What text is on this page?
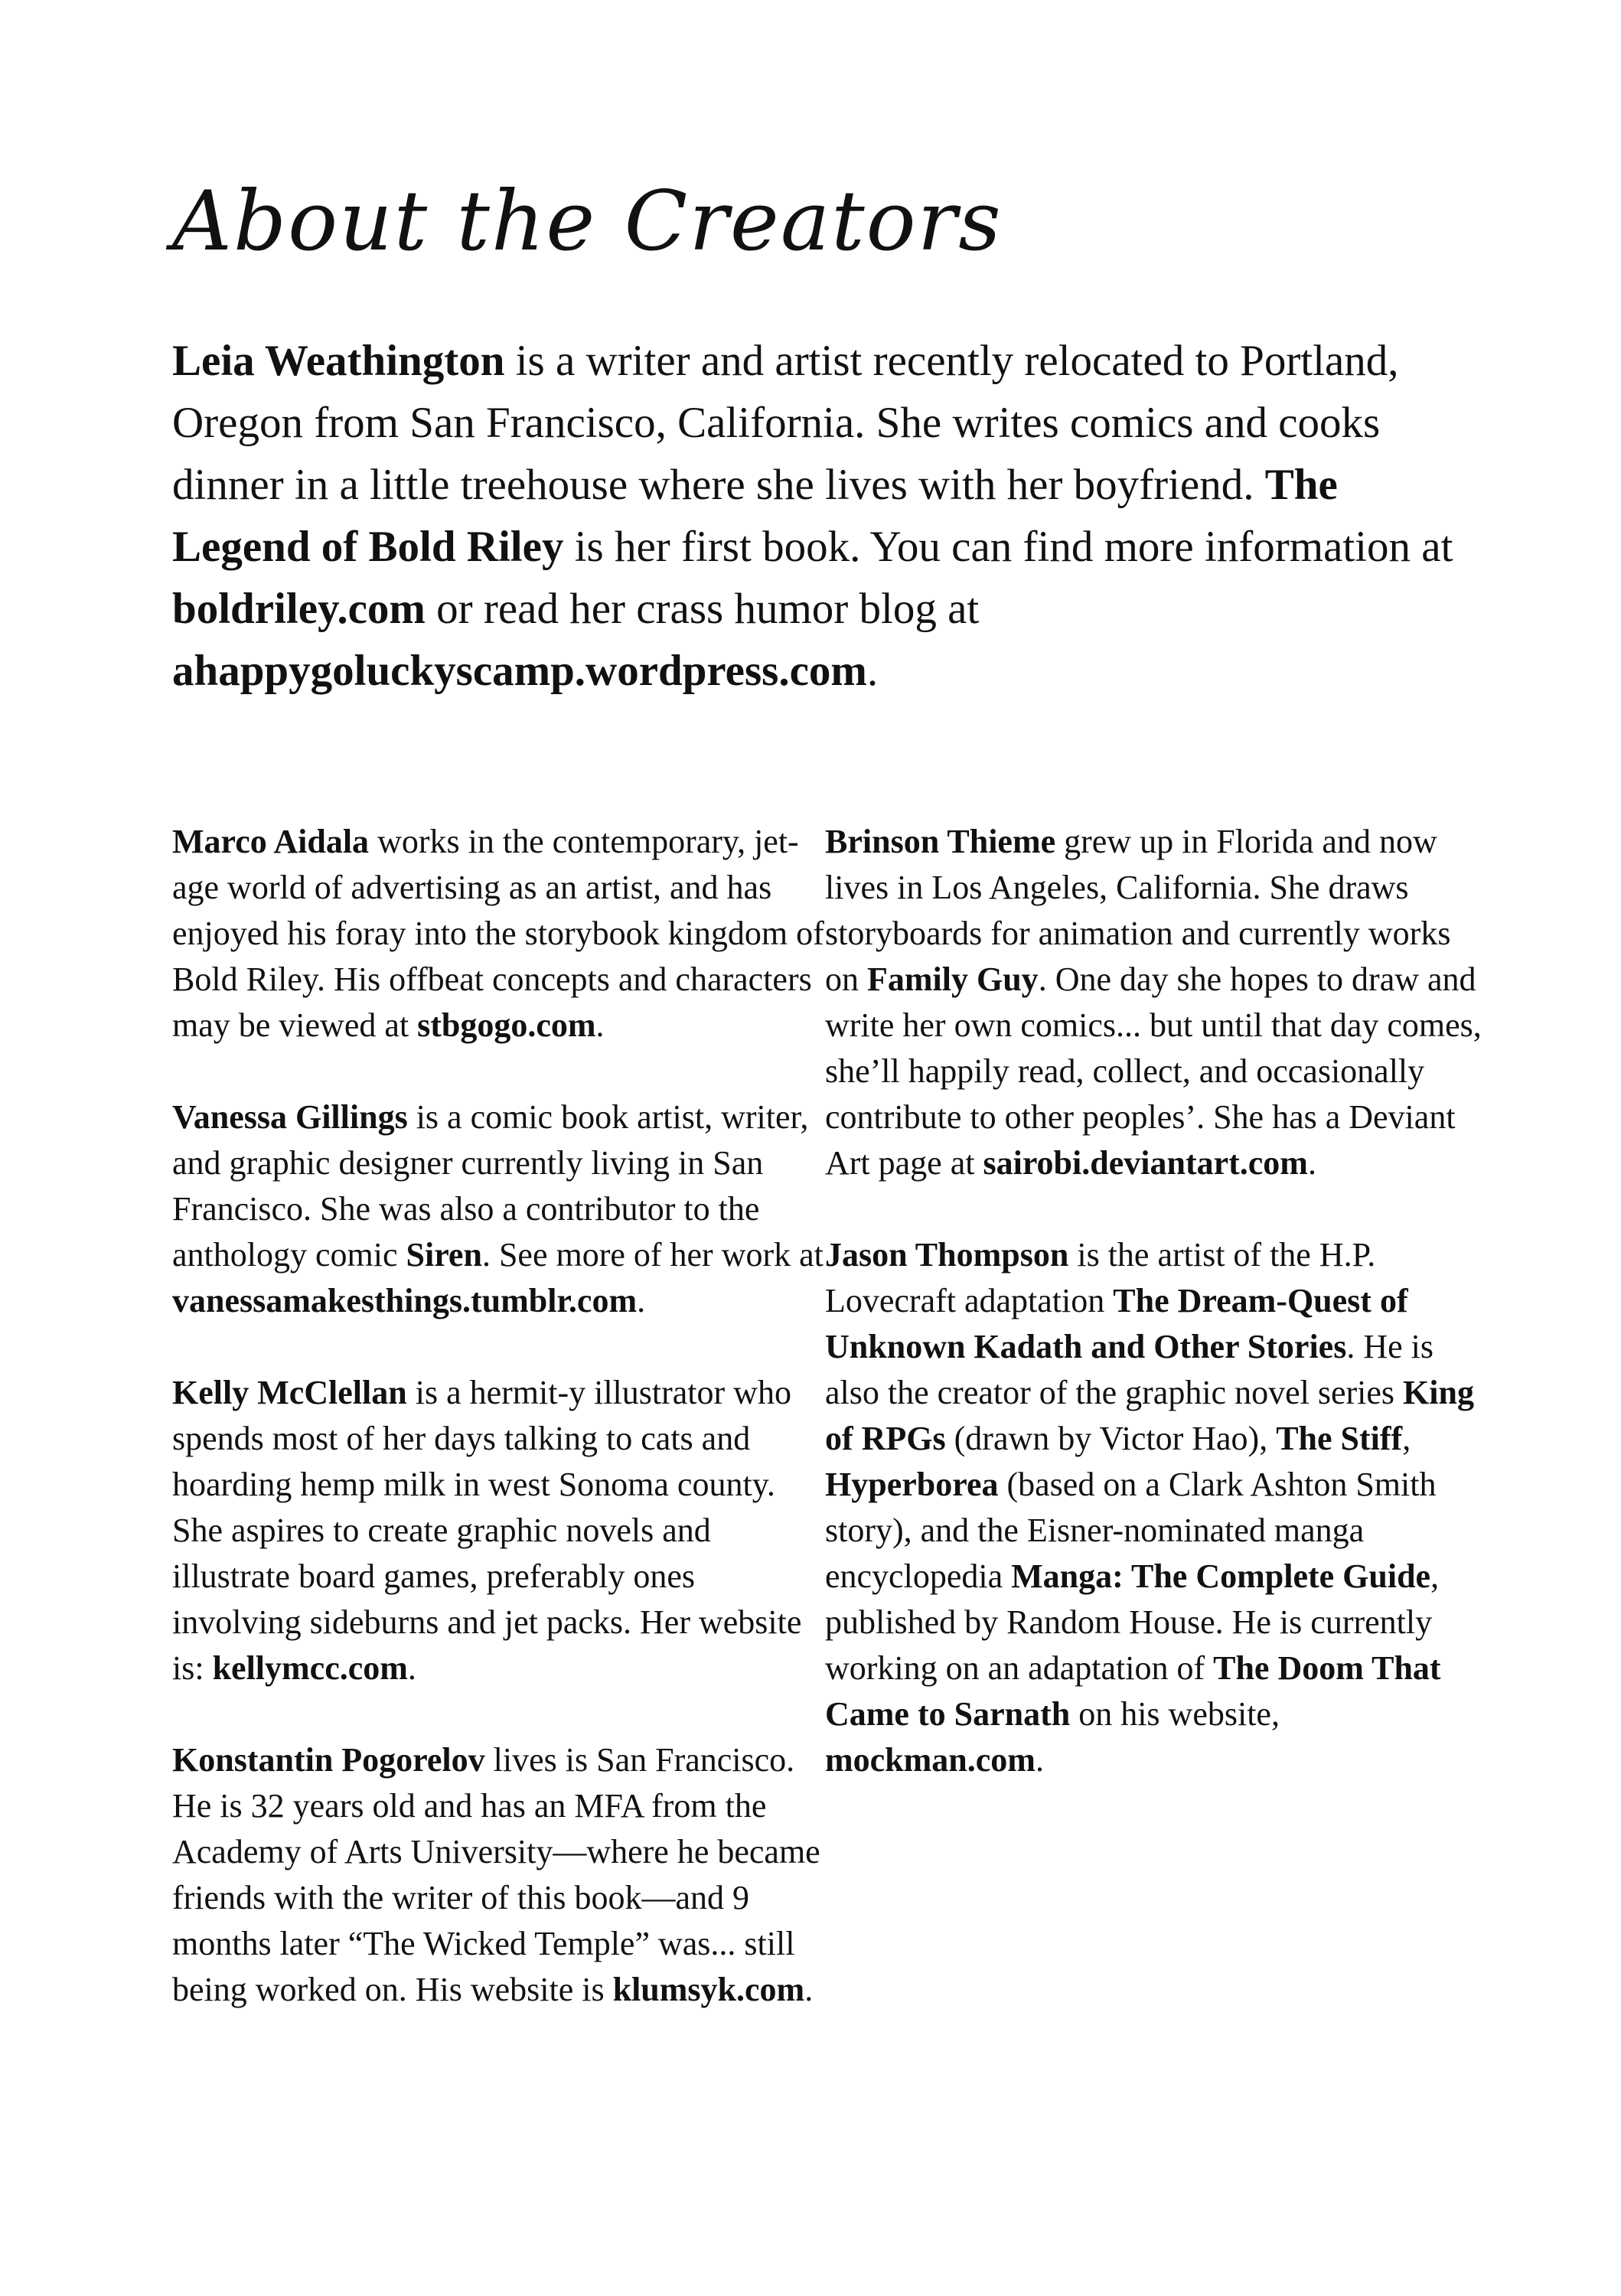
About the Creators

Leia Weathington is a writer and artist recently relocated to Portland, Oregon from San Francisco, California. She writes comics and cooks dinner in a little treehouse where she lives with her boyfriend. The Legend of Bold Riley is her first book. You can find more information at boldriley.com or read her crass humor blog at ahappygoluckyscamp.wordpress.com.

Marco Aidala works in the contemporary, jet-age world of advertising as an artist, and has enjoyed his foray into the storybook kingdom of Bold Riley. His offbeat concepts and characters may be viewed at stbgogo.com.

Vanessa Gillings is a comic book artist, writer, and graphic designer currently living in San Francisco. She was also a contributor to the anthology comic Siren. See more of her work at vanessamakesthings.tumblr.com.

Kelly McClellan is a hermit-y illustrator who spends most of her days talking to cats and hoarding hemp milk in west Sonoma county. She aspires to create graphic novels and illustrate board games, preferably ones involving sideburns and jet packs. Her website is: kellymcc.com.

Konstantin Pogorelov lives is San Francisco. He is 32 years old and has an MFA from the Academy of Arts University—where he became friends with the writer of this book—and 9 months later “The Wicked Temple” was... still being worked on. His website is klumsyk.com.

Brinson Thieme grew up in Florida and now lives in Los Angeles, California. She draws storyboards for animation and currently works on Family Guy. One day she hopes to draw and write her own comics... but until that day comes, she’ll happily read, collect, and occasionally contribute to other peoples’. She has a Deviant Art page at sairobi.deviantart.com.

Jason Thompson is the artist of the H.P. Lovecraft adaptation The Dream-Quest of Unknown Kadath and Other Stories. He is also the creator of the graphic novel series King of RPGs (drawn by Victor Hao), The Stiff, Hyperborea (based on a Clark Ashton Smith story), and the Eisner-nominated manga encyclopedia Manga: The Complete Guide, published by Random House. He is currently working on an adaptation of The Doom That Came to Sarnath on his website, mockman.com.
